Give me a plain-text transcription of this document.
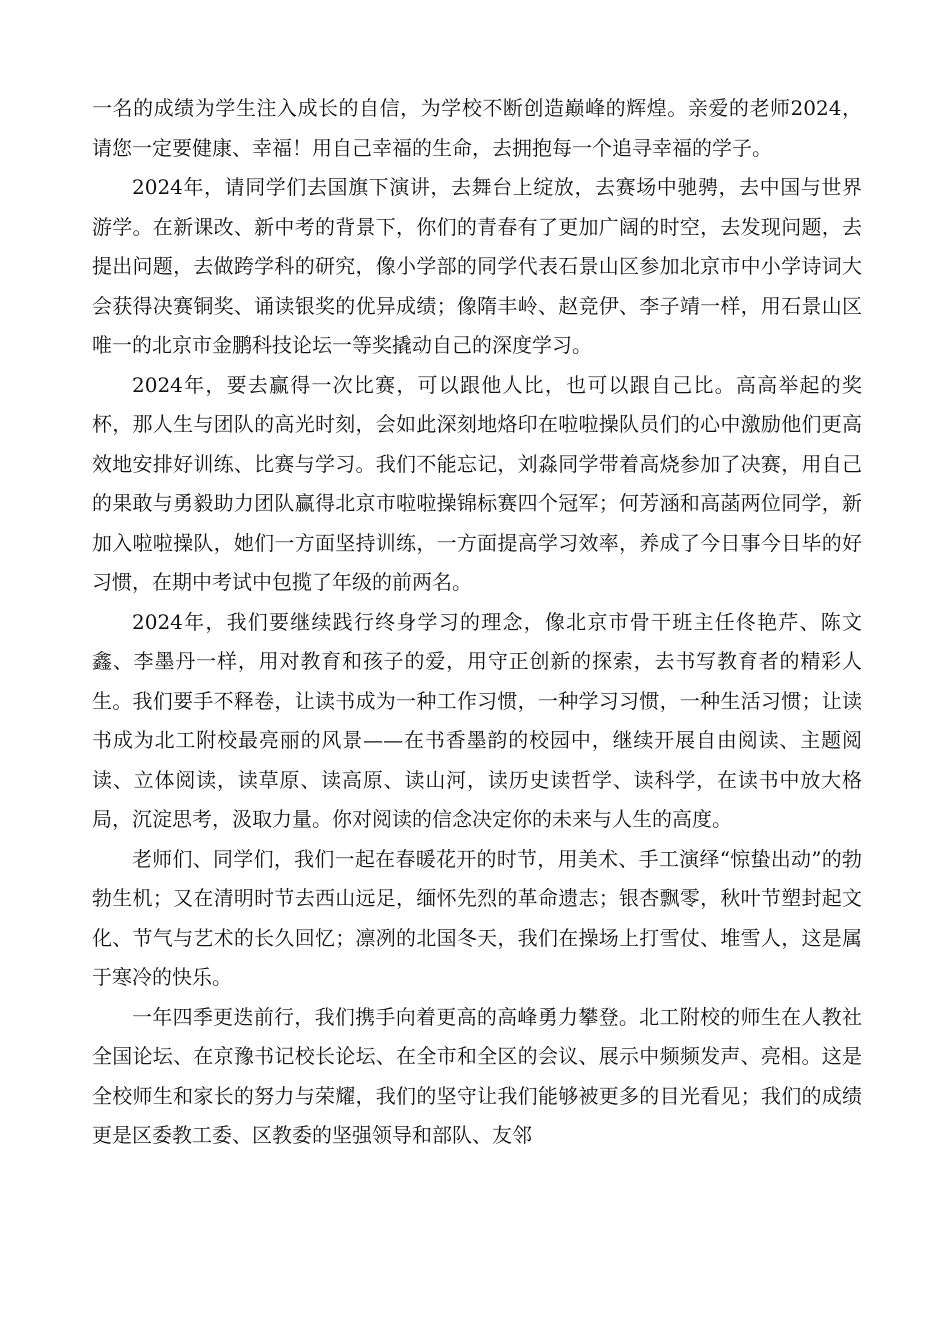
一名的成绩为学生注入成长的自信，为学校不断创造巅峰的辉煌。亲爱的老师2024，请您一定要健康、幸福！用自己幸福的生命，去拥抱每一个追寻幸福的学子。

2024年，请同学们去国旗下演讲，去舞台上绽放，去赛场中驰骋，去中国与世界游学。在新课改、新中考的背景下，你们的青春有了更加广阔的时空，去发现问题，去提出问题，去做跨学科的研究，像小学部的同学代表石景山区参加北京市中小学诗词大会获得决赛铜奖、诵读银奖的优异成绩；像隋丰岭、赵竞伊、李子靖一样，用石景山区唯一的北京市金鹏科技论坛一等奖撬动自己的深度学习。

2024年，要去赢得一次比赛，可以跟他人比，也可以跟自己比。高高举起的奖杯，那人生与团队的高光时刻，会如此深刻地烙印在啦啦操队员们的心中激励他们更高效地安排好训练、比赛与学习。我们不能忘记，刘淼同学带着高烧参加了决赛，用自己的果敢与勇毅助力团队赢得北京市啦啦操锦标赛四个冠军；何芳涵和高菡两位同学，新加入啦啦操队，她们一方面坚持训练，一方面提高学习效率，养成了今日事今日毕的好习惯，在期中考试中包揽了年级的前两名。

2024年，我们要继续践行终身学习的理念，像北京市骨干班主任佟艳芹、陈文鑫、李墨丹一样，用对教育和孩子的爱，用守正创新的探索，去书写教育者的精彩人生。我们要手不释卷，让读书成为一种工作习惯，一种学习习惯，一种生活习惯；让读书成为北工附校最亮丽的风景——在书香墨韵的校园中，继续开展自由阅读、主题阅读、立体阅读，读草原、读高原、读山河，读历史读哲学、读科学，在读书中放大格局，沉淀思考，汲取力量。你对阅读的信念决定你的未来与人生的高度。

老师们、同学们，我们一起在春暖花开的时节，用美术、手工演绎“惊蛰出动”的勃勃生机；又在清明时节去西山远足，缅怀先烈的革命遗志；银杏飘零，秋叶节塑封起文化、节气与艺术的长久回忆；凛冽的北国冬天，我们在操场上打雪仗、堆雪人，这是属于寒冷的快乐。

一年四季更迭前行，我们携手向着更高的高峰勇力攀登。北工附校的师生在人教社全国论坛、在京豫书记校长论坛、在全市和全区的会议、展示中频频发声、亮相。这是全校师生和家长的努力与荣耀，我们的坚守让我们能够被更多的目光看见；我们的成绩更是区委教工委、区教委的坚强领导和部队、友邻
